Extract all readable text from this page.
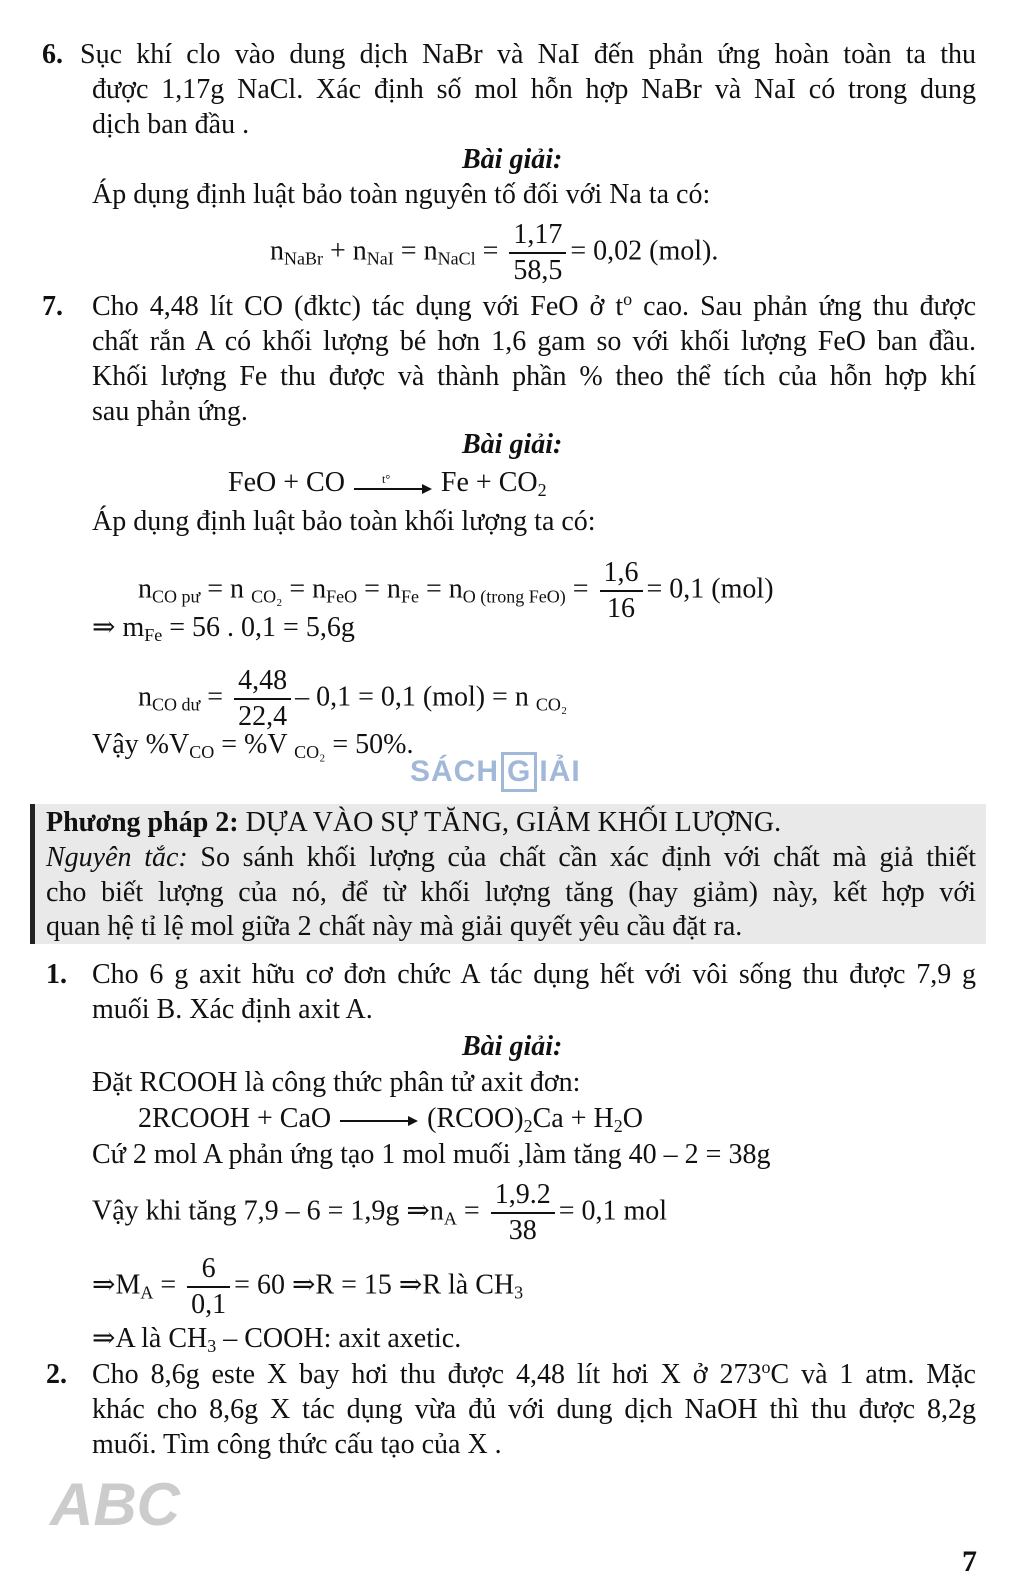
6. Sục khí clo vào dung dịch NaBr và NaI đến phản ứng hoàn toàn ta thu
được 1,17g NaCl. Xác định số mol hỗn hợp NaBr và NaI có trong dung
dịch ban đầu .
Bài giải:
Áp dụng định luật bảo toàn nguyên tố đối với Na ta có:
$n_{NaBr} + n_{NaI} = n_{NaCl} = \frac{1,17}{58,5} = 0,02$ (mol).
7. Cho 4,48 lít CO (đktc) tác dụng với FeO ở $t^o$ cao. Sau phản ứng thu được
chất rắn A có khối lượng bé hơn 1,6 gam so với khối lượng FeO ban đầu.
Khối lượng Fe thu được và thành phần % theo thể tích của hỗn hợp khí
sau phản ứng.
Bài giải:
FeO + CO	t° $Fe + CO_2$
Áp dụng định luật bảo toàn khối lượng ta có:
$n_{CO pư} = n$ $_{CO_2} = n_{FeO} = n_{Fe} = n_{O (trong FeO)} = \frac{1,6}{16} = 0,1$ (mol)
⇒ $m_{Fe} = 56$ . 0,1 = 5,6g
$n_{CO dư} = \frac{4,48}{22,4} - 0,1 = 0,1$ (mol) = n $_{CO_2}$
Vậy $\%V_{CO} = \%V$ $_{CO_2}$ = 50%.
SÁCH G IẢI
Phương pháp 2: DỰA VÀO SỰ TĂNG, GIẢM KHỐI LƯỢNG.
Nguyên tắc: So sánh khối lượng của chất cần xác định với chất mà giả thiết
cho biết lượng của nó, để từ khối lượng tăng (hay giảm) này, kết hợp với
quan hệ tỉ lệ mol giữa 2 chất này mà giải quyết yêu cầu đặt ra.
1. Cho 6 g axit hữu cơ đơn chức A tác dụng hết với vôi sống thu được 7,9 g
muối B. Xác định axit A.
Bài giải:
Đặt RCOOH là công thức phân tử axit đơn:
2RCOOH + CaO	$(RCOO)_2Ca + H_2O$
Cứ 2 mol A phản ứng tạo 1 mol muối ,làm tăng 40 – 2 = 38g
Vậy khi tăng 7,9 – 6 = 1,9g $\Rightarrow n_A = \frac{1,9.2}{38} = 0,1$ mol
$\Rightarrow M_A = \frac{6}{0,1} = 60$ ⇒R = 15 ⇒R là $CH_3$
⇒A là $CH_3$ – COOH: axit axetic.
2. Cho 8,6g este X bay hơi thu được 4,48 lít hơi X ở 273$^o$C và 1 atm. Mặc
khác cho 8,6g X tác dụng vừa đủ với dung dịch NaOH thì thu được 8,2g
muối. Tìm công thức cấu tạo của X .
ABC
7
